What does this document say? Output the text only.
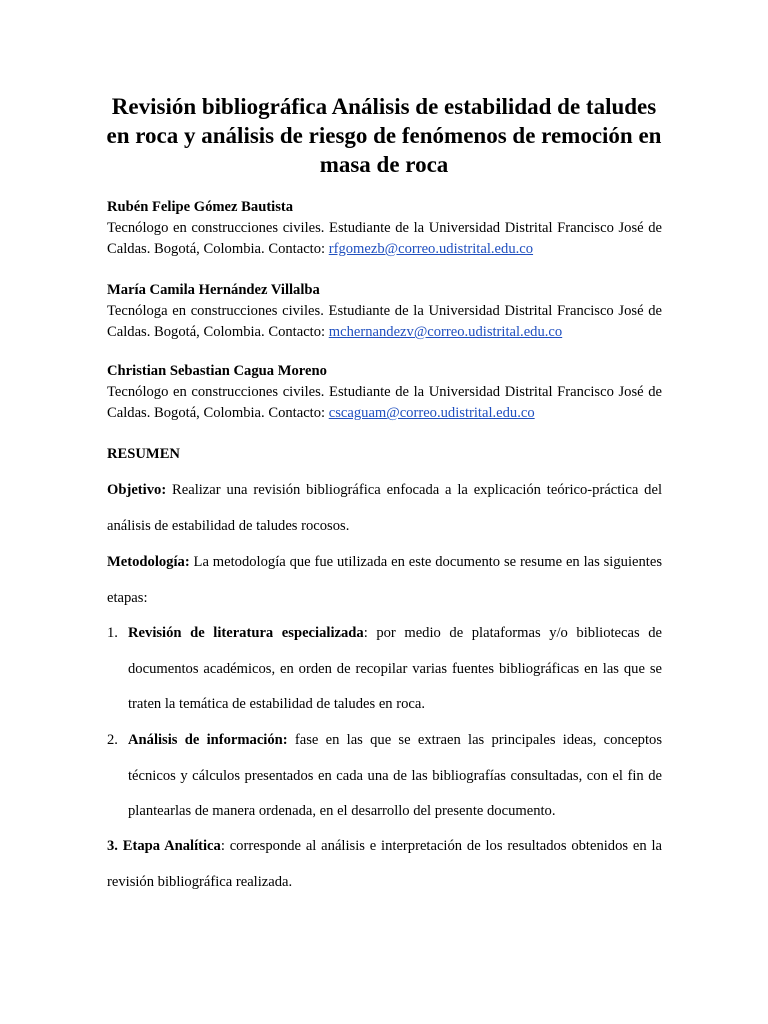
Revisión bibliográfica Análisis de estabilidad de taludes en roca y análisis de riesgo de fenómenos de remoción en masa de roca
Rubén Felipe Gómez Bautista
Tecnólogo en construcciones civiles. Estudiante de la Universidad Distrital Francisco José de Caldas. Bogotá, Colombia. Contacto: rfgomezb@correo.udistrital.edu.co
María Camila Hernández Villalba
Tecnóloga en construcciones civiles. Estudiante de la Universidad Distrital Francisco José de Caldas. Bogotá, Colombia. Contacto: mchernandezv@correo.udistrital.edu.co
Christian Sebastian Cagua Moreno
Tecnólogo en construcciones civiles. Estudiante de la Universidad Distrital Francisco José de Caldas. Bogotá, Colombia. Contacto: cscaguam@correo.udistrital.edu.co
RESUMEN
Objetivo: Realizar una revisión bibliográfica enfocada a la explicación teórico-práctica del análisis de estabilidad de taludes rocosos.
Metodología: La metodología que fue utilizada en este documento se resume en las siguientes etapas:
1. Revisión de literatura especializada: por medio de plataformas y/o bibliotecas de documentos académicos, en orden de recopilar varias fuentes bibliográficas en las que se traten la temática de estabilidad de taludes en roca.
2. Análisis de información: fase en las que se extraen las principales ideas, conceptos técnicos y cálculos presentados en cada una de las bibliografías consultadas, con el fin de plantearlas de manera ordenada, en el desarrollo del presente documento.
3. Etapa Analítica: corresponde al análisis e interpretación de los resultados obtenidos en la revisión bibliográfica realizada.
